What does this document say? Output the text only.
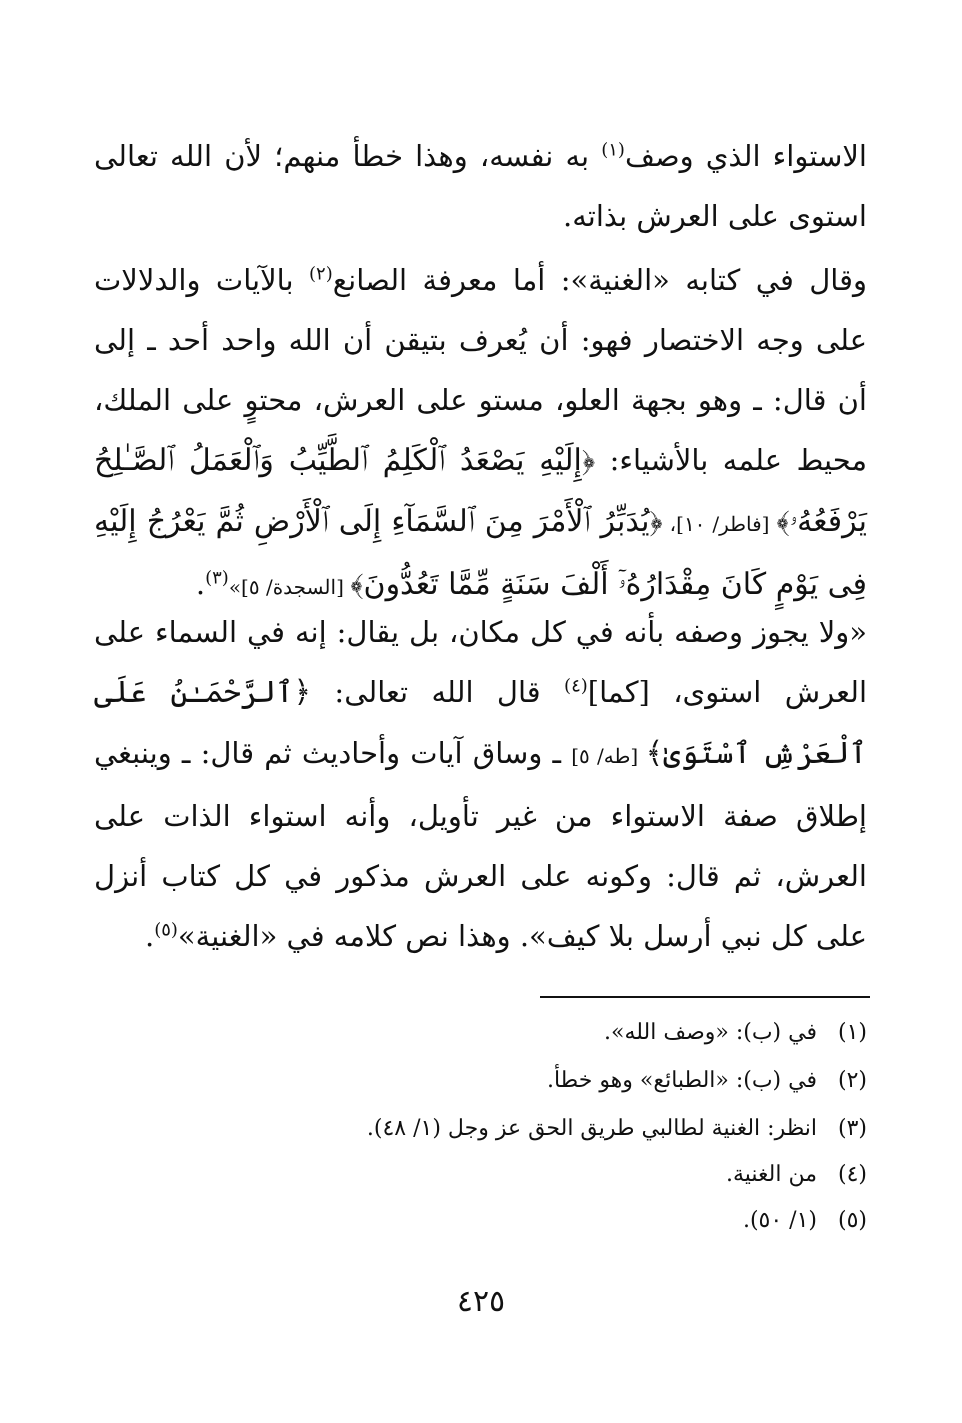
الاستواء الذي وصف$^{(١)}$ به نفسه، وهذا خطأ منهم؛ لأن الله تعالى استوى على العرش بذاته.
وقال في كتابه «الغنية»: أما معرفة الصانع$^{(٢)}$ بالآيات والدلالات على وجه الاختصار فهو: أن يُعرف بتيقن أن الله واحد أحد ـ إلى أن قال: ـ وهو بجهة العلو، مستو على العرش، محتوٍ على الملك، محيط علمه بالأشياء: ﴿إِلَيْهِ يَصْعَدُ ٱلْكَلِمُ ٱلطَّيِّبُ وَٱلْعَمَلُ ٱلصَّـٰلِحُ يَرْفَعُهُۥ﴾ [فاطر/ ١٠]، ﴿يُدَبِّرُ ٱلْأَمْرَ مِنَ ٱلسَّمَآءِ إِلَى ٱلْأَرْضِ ثُمَّ يَعْرُجُ إِلَيْهِ فِى يَوْمٍ كَانَ مِقْدَارُهُۥٓ أَلْفَ سَنَةٍ مِّمَّا تَعُدُّونَ﴾ [السجدة/ ٥]»$^{(٣)}$.
«ولا يجوز وصفه بأنه في كل مكان، بل يقال: إنه في السماء على العرش استوى، [كما]$^{(٤)}$ قال الله تعالى: ﴿ٱلرَّحْمَـٰنُ عَلَى ٱلْعَرْشِ ٱسْتَوَىٰ﴾ [طه/ ٥] ـ وساق آيات وأحاديث ثم قال: ـ وينبغي إطلاق صفة الاستواء من غير تأويل، وأنه استواء الذات على العرش، ثم قال: وكونه على العرش مذكور في كل كتاب أنزل على كل نبي أرسل بلا كيف». وهذا نص كلامه في «الغنية»$^{(٥)}$.
(١)في (ب): «وصف الله».
(٢)في (ب): «الطبائع» وهو خطأ.
(٣)انظر: الغنية لطالبي طريق الحق عز وجل (١/ ٤٨).
(٤)من الغنية.
(٥)(١/ ٥٠).
٤٢٥
